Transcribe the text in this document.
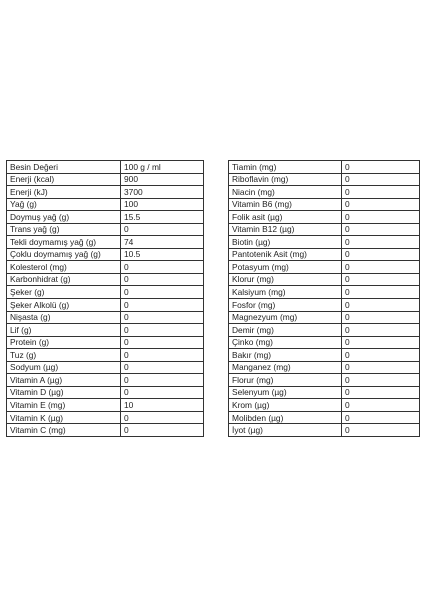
Besin Değeri	100 g / ml
Enerji (kcal)	900
Enerji (kJ)	3700
Yağ (g)	100
Doymuş yağ (g)	15.5
Trans yağ (g)	0
Tekli doymamış yağ (g)	74
Çoklu doymamış yağ (g)	10.5
Kolesterol (mg)	0
Karbonhidrat (g)	0
Şeker (g)	0
Şeker Alkolü (g)	0
Nişasta (g)	0
Lif (g)	0
Protein (g)	0
Tuz (g)	0
Sodyum (µg)	0
Vitamin A (µg)	0
Vitamin D (µg)	0
Vitamin E (mg)	10
Vitamin K (µg)	0
Vitamin C (mg)	0
Tiamin (mg)	0
Riboflavin (mg)	0
Niacin (mg)	0
Vitamin B6 (mg)	0
Folik asit (µg)	0
Vitamin B12 (µg)	0
Biotin (µg)	0
Pantotenik Asit (mg)	0
Potasyum (mg)	0
Klorur (mg)	0
Kalsiyum (mg)	0
Fosfor (mg)	0
Magnezyum (mg)	0
Demir (mg)	0
Çinko (mg)	0
Bakır (mg)	0
Manganez (mg)	0
Florur (mg)	0
Selenyum (µg)	0
Krom (µg)	0
Molibden (µg)	0
İyot (µg)	0
